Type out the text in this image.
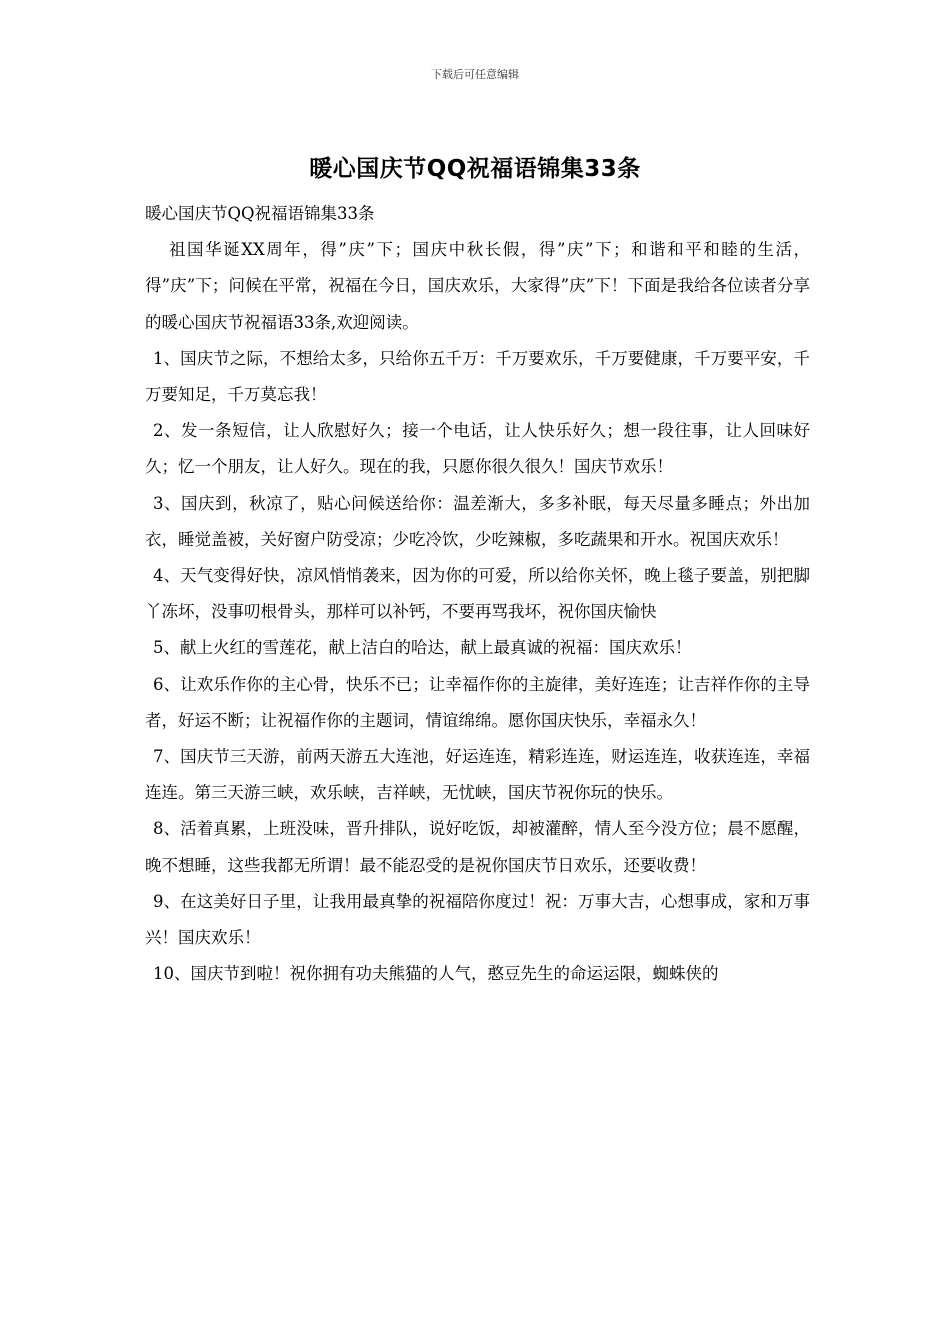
下载后可任意编辑
暖心国庆节QQ祝福语锦集33条

暖心国庆节QQ祝福语锦集33条

祖国华诞XX周年，得”庆”下；国庆中秋长假，得”庆”下；和谐和平和睦的生活，得”庆”下；问候在平常，祝福在今日，国庆欢乐，大家得”庆”下！下面是我给各位读者分享的暖心国庆节祝福语33条,欢迎阅读。

1、国庆节之际，不想给太多，只给你五千万：千万要欢乐，千万要健康，千万要平安，千万要知足，千万莫忘我！

2、发一条短信，让人欣慰好久；接一个电话，让人快乐好久；想一段往事，让人回味好久；忆一个朋友，让人好久。现在的我，只愿你很久很久！国庆节欢乐！

3、国庆到，秋凉了，贴心问候送给你：温差渐大，多多补眠，每天尽量多睡点；外出加衣，睡觉盖被，关好窗户防受凉；少吃冷饮，少吃辣椒，多吃蔬果和开水。祝国庆欢乐！

4、天气变得好快，凉风悄悄袭来，因为你的可爱，所以给你关怀，晚上毯子要盖，别把脚丫冻坏，没事叨根骨头，那样可以补钙，不要再骂我坏，祝你国庆愉快

5、献上火红的雪莲花，献上洁白的哈达，献上最真诚的祝福：国庆欢乐！

6、让欢乐作你的主心骨，快乐不已；让幸福作你的主旋律，美好连连；让吉祥作你的主导者，好运不断；让祝福作你的主题词，情谊绵绵。愿你国庆快乐，幸福永久！

7、国庆节三天游，前两天游五大连池，好运连连，精彩连连，财运连连，收获连连，幸福连连。第三天游三峡，欢乐峡，吉祥峡，无忧峡，国庆节祝你玩的快乐。

8、活着真累，上班没味，晋升排队，说好吃饭，却被灌醉，情人至今没方位；晨不愿醒，晚不想睡，这些我都无所谓！最不能忍受的是祝你国庆节日欢乐，还要收费！

9、在这美好日子里，让我用最真挚的祝福陪你度过！祝：万事大吉，心想事成，家和万事兴！国庆欢乐！

10、国庆节到啦！祝你拥有功夫熊猫的人气，憨豆先生的命运运限，蜘蛛侠的
